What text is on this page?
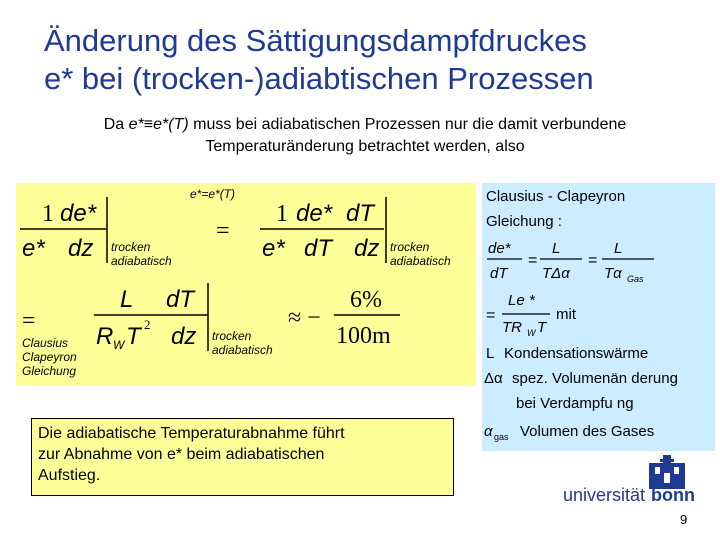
Änderung des Sättigungsdampfdruckes
e* bei (trocken-)adiabtischen Prozessen
Da e*≡e*(T) muss bei adiabatischen Prozessen nur die damit verbundene
Temperaturänderung betrachtet werden, also
1 de*
e* dz trocken
adiabatisch
e*=e*(T)
=
1 de* dT
e* dT dz trocken
adiabatisch
=
Clausius
Clapeyron
Gleichung
L dT
R W T 2 dz trocken
adiabatisch
≈ −
6%
100m
Clausius - Clapeyron
Gleichung :
de*
dT
=
L
TΔα
=
L
Tα Gas
=
Le *
TR W T
mit
L Kondensationswärme
Δα spez. Volumenän derung
bei Verdampfu ng
α gas Volumen des Gases
Die adiabatische Temperaturabnahme führt
zur Abnahme von e* beim adiabatischen
Aufstieg.
universität bonn
9
